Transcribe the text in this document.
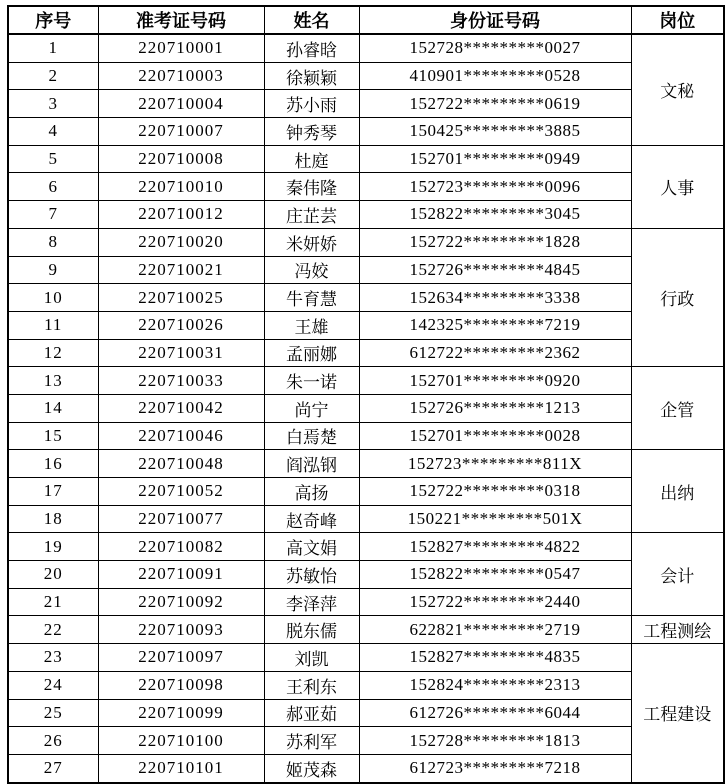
序号	准考证号码	姓名	身份证号码	岗位
1	220710001	孙睿晗	152728*********0027	文秘
2	220710003	徐颖颖	410901*********0528	
3	220710004	苏小雨	152722*********0619	
4	220710007	钟秀琴	150425*********3885	
5	220710008	杜庭	152701*********0949	人事
6	220710010	秦伟隆	152723*********0096	
7	220710012	庄芷芸	152822*********3045	
8	220710020	米妍娇	152722*********1828	行政
9	220710021	冯姣	152726*********4845	
10	220710025	牛育慧	152634*********3338	
11	220710026	王雄	142325*********7219	
12	220710031	孟丽娜	612722*********2362	
13	220710033	朱一诺	152701*********0920	企管
14	220710042	尚宁	152726*********1213	
15	220710046	白焉楚	152701*********0028	
16	220710048	阎泓钢	152723*********811X	出纳
17	220710052	高扬	152722*********0318	
18	220710077	赵奇峰	150221*********501X	
19	220710082	高文娟	152827*********4822	会计
20	220710091	苏敏怡	152822*********0547	
21	220710092	李泽萍	152722*********2440	
22	220710093	脱东儒	622821*********2719	工程测绘
23	220710097	刘凯	152827*********4835	工程建设
24	220710098	王利东	152824*********2313	
25	220710099	郝亚茹	612726*********6044	
26	220710100	苏利军	152728*********1813	
27	220710101	姬茂森	612723*********7218	
